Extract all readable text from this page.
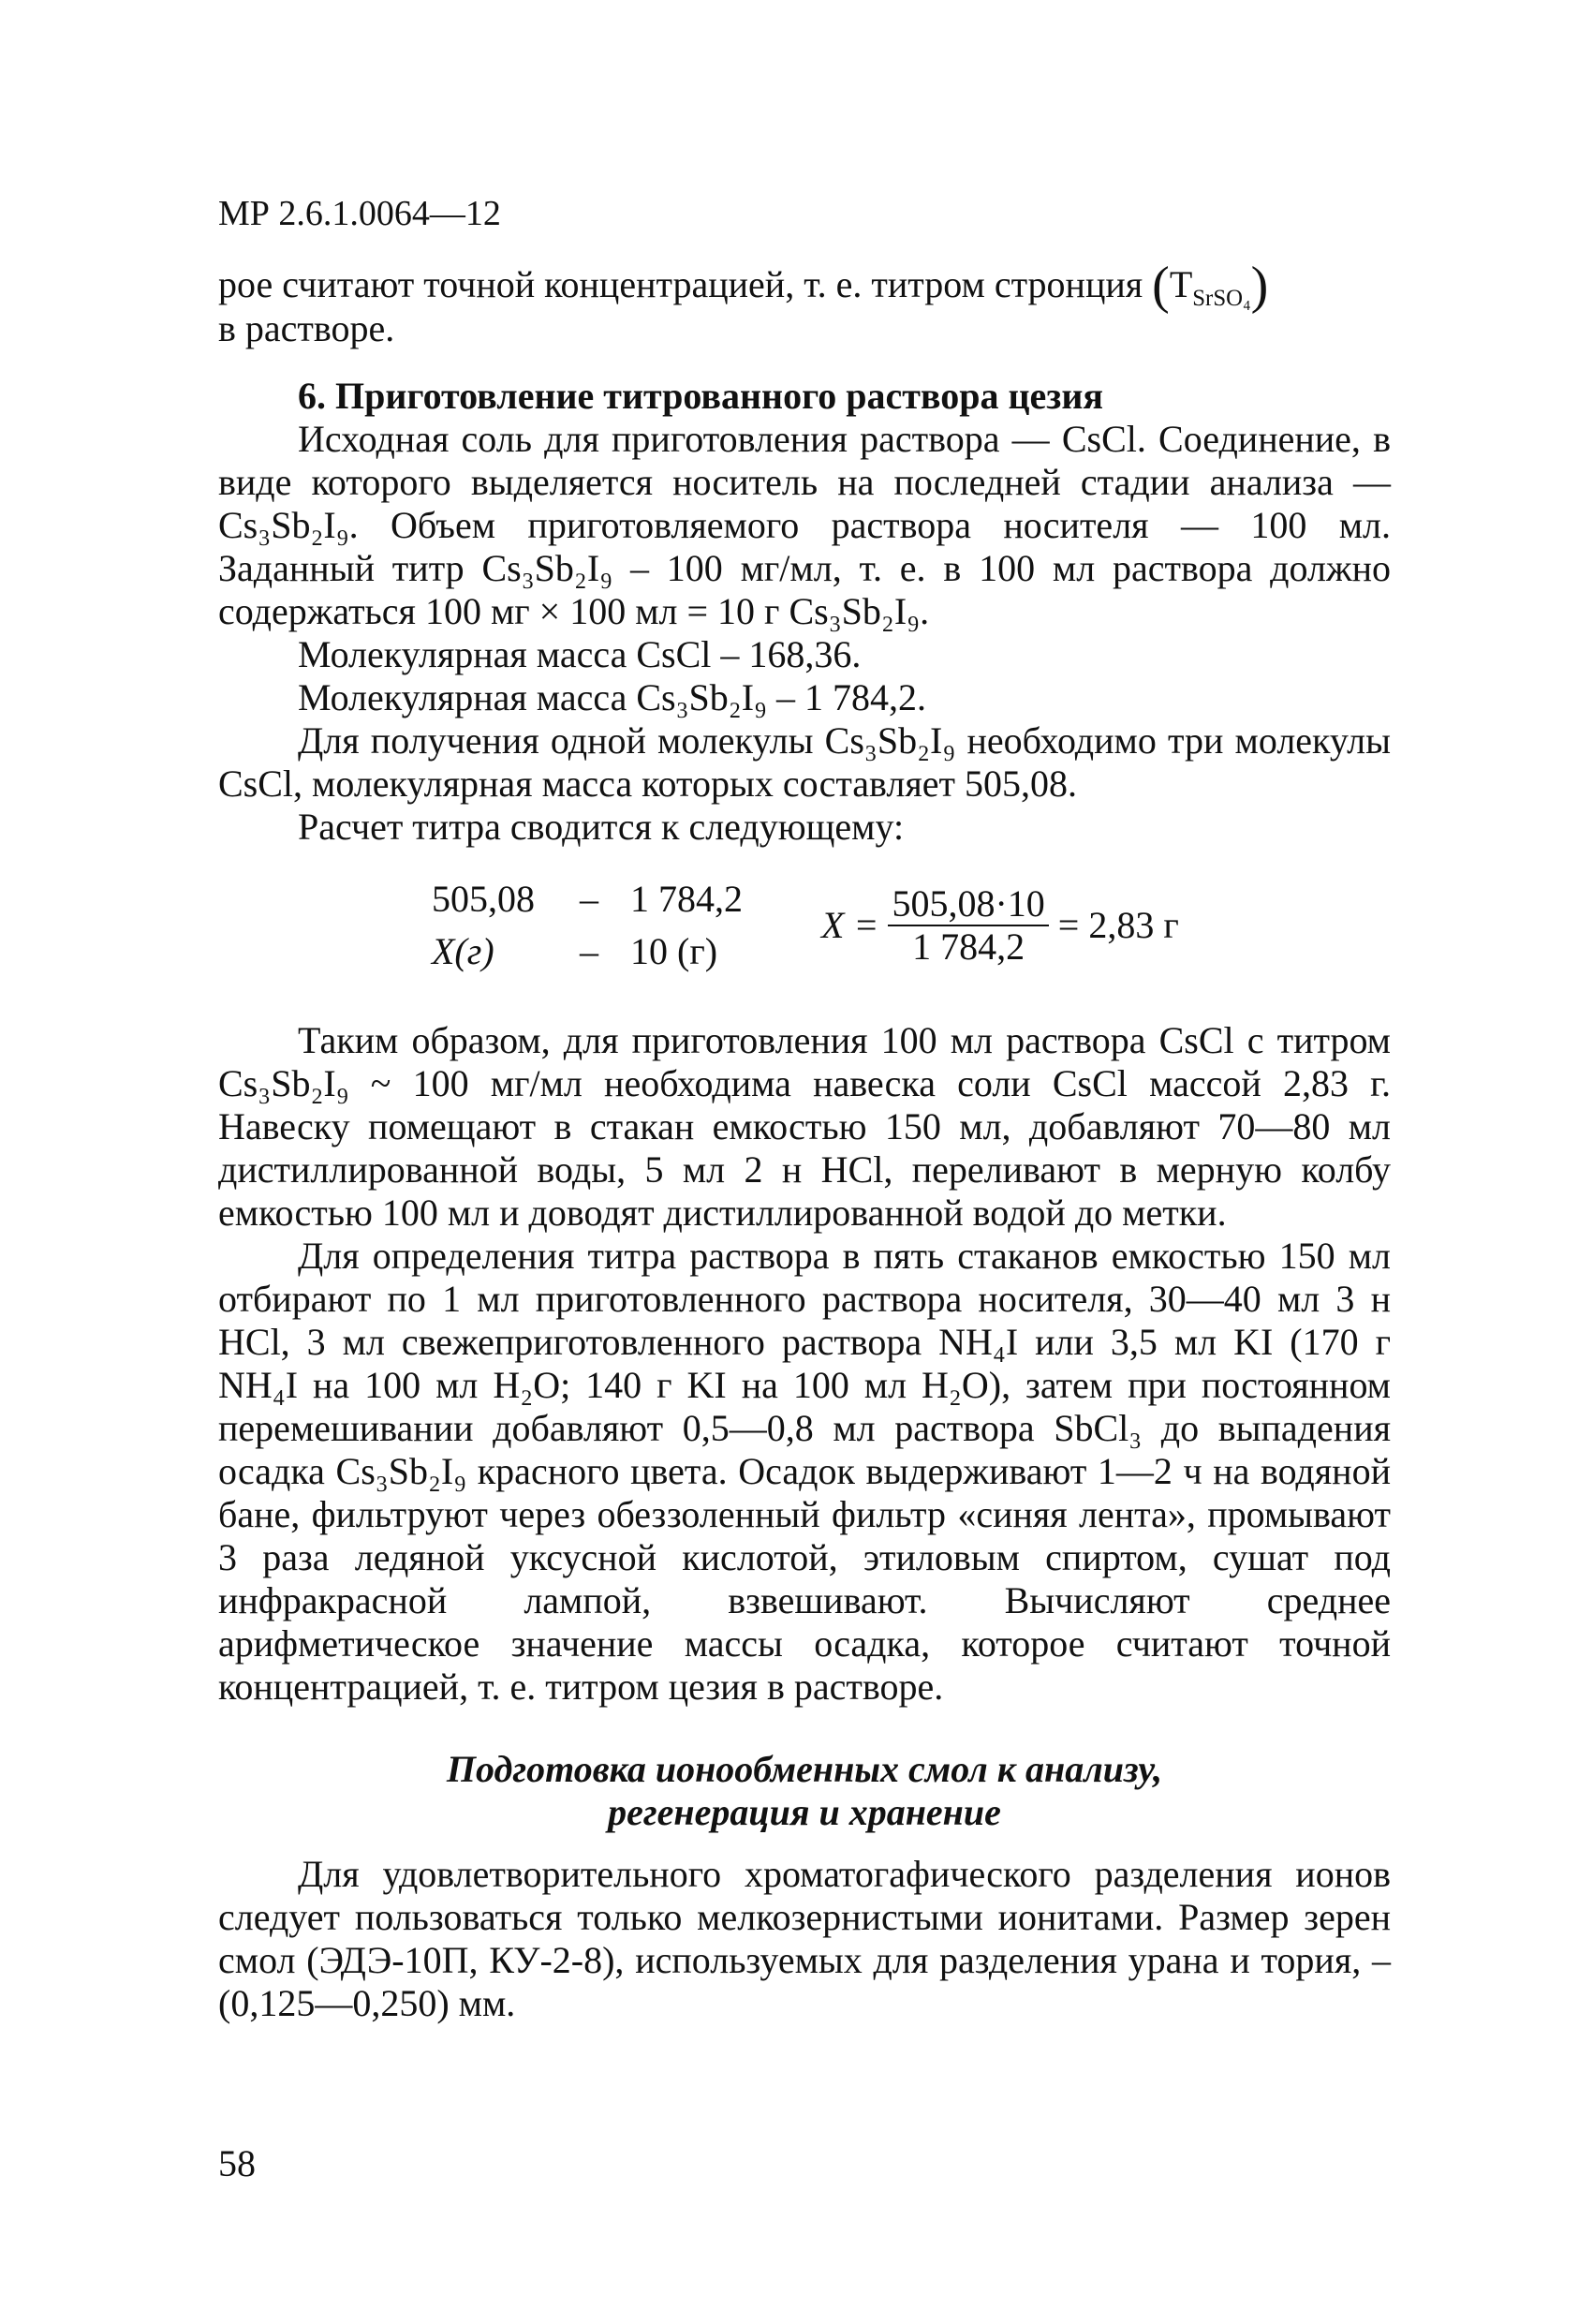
МР 2.6.1.0064—12

рое считают точной концентрацией, т. е. титром стронция $(T_{SrSO_4})$
в растворе.

6. Приготовление титрованного раствора цезия

Исходная соль для приготовления раствора — CsCl. Соединение, в виде которого выделяется носитель на последней стадии анализа — Cs₃Sb₂I₉. Объем приготовляемого раствора носителя — 100 мл. Заданный титр Cs₃Sb₂I₉ – 100 мг/мл, т. е. в 100 мл раствора должно содержаться 100 мг × 100 мл = 10 г Cs₃Sb₂I₉.

Молекулярная масса CsCl – 168,36.

Молекулярная масса Cs₃Sb₂I₉ – 1 784,2.

Для получения одной молекулы Cs₃Sb₂I₉ необходимо три молекулы CsCl, молекулярная масса которых составляет 505,08.

Расчет титра сводится к следующему:

505,08	–	1 784,2
X(г)	–	10 (г)
$X = \frac{505,08\cdot 10}{1 784,2} = 2,83$ г

Таким образом, для приготовления 100 мл раствора CsCl с титром Cs₃Sb₂I₉ ~ 100 мг/мл необходима навеска соли CsCl массой 2,83 г. Навеску помещают в стакан емкостью 150 мл, добавляют 70—80 мл дистиллированной воды, 5 мл 2 н HCl, переливают в мерную колбу емкостью 100 мл и доводят дистиллированной водой до метки.

Для определения титра раствора в пять стаканов емкостью 150 мл отбирают по 1 мл приготовленного раствора носителя, 30—40 мл 3 н HCl, 3 мл свежеприготовленного раствора NH₄I или 3,5 мл KI (170 г NH₄I на 100 мл H₂O; 140 г KI на 100 мл H₂O), затем при постоянном перемешивании добавляют 0,5—0,8 мл раствора SbCl₃ до выпадения осадка Cs₃Sb₂I₉ красного цвета. Осадок выдерживают 1—2 ч на водяной бане, фильтруют через обеззоленный фильтр «синяя лента», промывают 3 раза ледяной уксусной кислотой, этиловым спиртом, сушат под инфракрасной лампой, взвешивают. Вычисляют среднее арифметическое значение массы осадка, которое считают точной концентрацией, т. е. титром цезия в растворе.

Подготовка ионообменных смол к анализу,
регенерация и хранение

Для удовлетворительного хроматогафического разделения ионов следует пользоваться только мелкозернистыми ионитами. Размер зерен смол (ЭДЭ-10П, КУ-2-8), используемых для разделения урана и тория, – (0,125—0,250) мм.

58
